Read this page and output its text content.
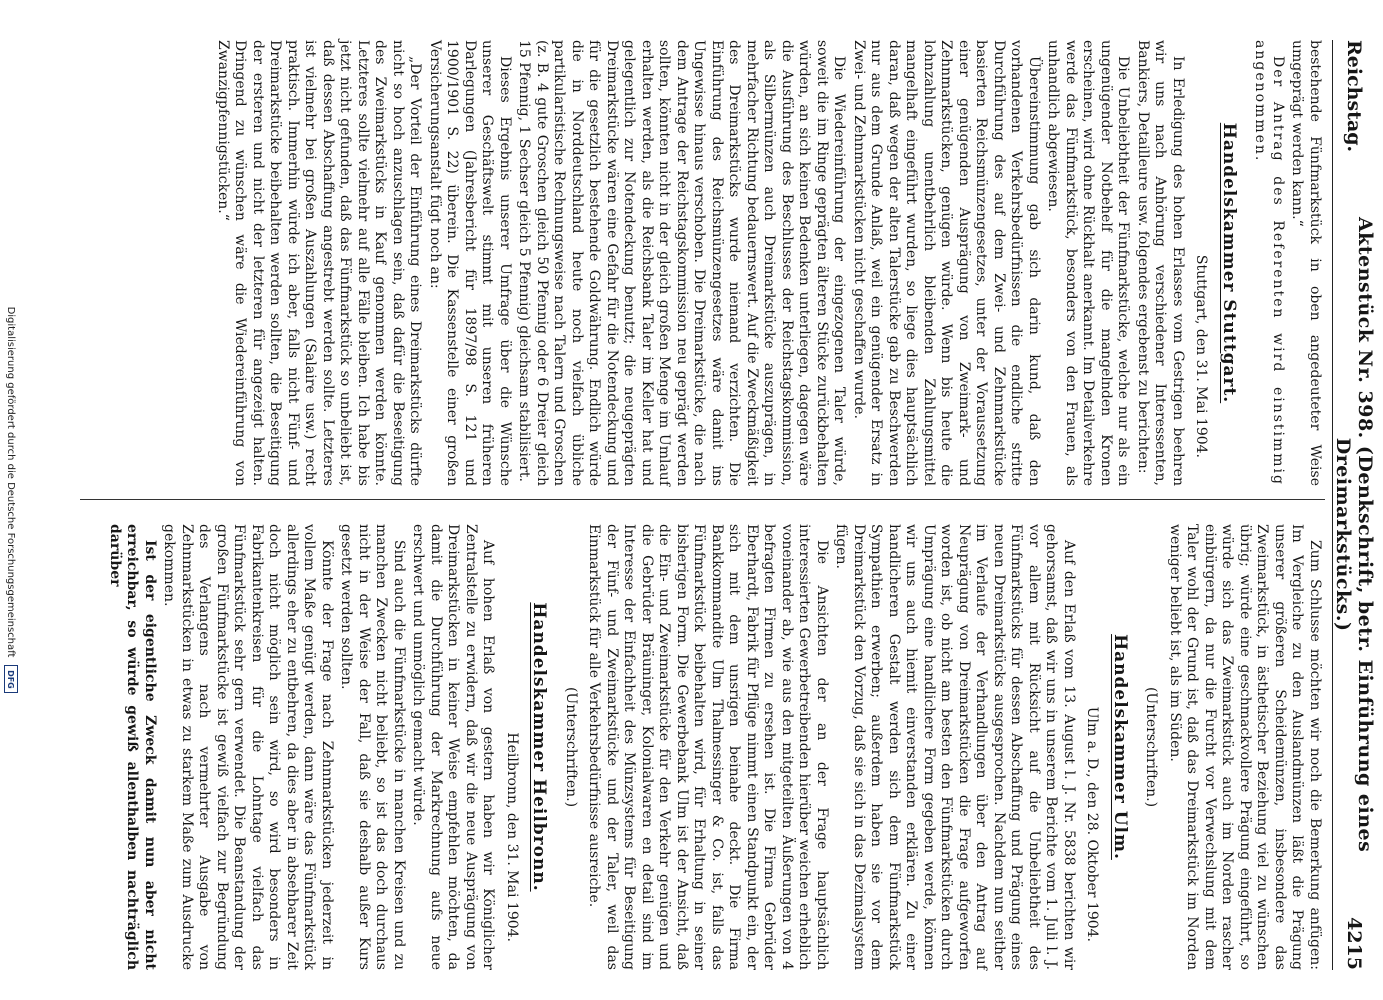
Reichstag.
Aktenstück Nr. 398. (Denkschrift, betr. Einführung eines Dreimarkstücks.)
4215

bestehende Fünfmarkstück in oben angedeuteter Weise umgeprägt werden kann.“

Der Antrag des Referenten wird einstimmig angenommen.

Handelskammer Stuttgart.
Stuttgart, den 31. Mai 1904.

In Erledigung des hohen Erlasses vom Gestrigen beehren wir uns nach Anhörung verschiedener Interessenten, Bankiers, Detailleure usw. folgendes ergebenst zu berichten:

Die Unbeliebtheit der Fünfmarkstücke, welche nur als ein ungenügender Notbehelf für die mangelnden Kronen erscheinen, wird ohne Rückhalt anerkannt. Im Detailverkehre werde das Fünfmarkstück, besonders von den Frauen, als unhandlich abgewiesen.

Übereinstimmung gab sich darin kund, daß den vorhandenen Verkehrsbedürfnissen die endliche stritte Durchführung des auf dem Zwei- und Zehnmarkstücke basierten Reichsmünzengesetzes, unter der Voraussetzung einer genügenden Ausprägung von Zweimark- und Zehnmarkstücken, genügen würde. Wenn bis heute die lohnzahlung unentbehrlich bleibenden Zahlungsmittel mangelhaft eingeführt wurden, so liege dies hauptsächlich daran, daß wegen der alten Talerstücke gab zu Beschwerden nur aus dem Grunde Anlaß, weil ein genügender Ersatz in Zwei- und Zehnmarkstücken nicht geschaffen wurde.

Die Wiedereinführung der eingezogenen Taler würde, soweit die im Ringe geprägten älteren Stücke zurückbehalten würden, an sich keinen Bedenken unterliegen, dagegen wäre die Ausführung des Beschlusses der Reichstagskommission, als Silbermünzen auch Dreimarkstücke auszuprägen, in mehrfacher Richtung bedauernswert. Auf die Zweckmäßigkeit des Dreimarkstücks wurde niemand verzichten. Die Einführung des Reichsmünzengesetzes wäre damit ins Ungewisse hinaus verschoben. Die Dreimarkstücke, die nach dem Antrage der Reichstagskommission neu geprägt werden sollten, könnten nicht in der gleich großen Menge im Umlauf erhalten werden, als die Reichsbank Taler im Keller hat und gelegentlich zur Notendeckung benutzt; die neugeprägten Dreimarkstücke wären eine Gefahr für die Notendeckung und für die gesetzlich bestehende Goldwährung. Endlich würde die in Norddeutschland heute noch vielfach übliche partikularistische Rechnungsweise nach Talern und Groschen (z. B. 4 gute Groschen gleich 50 Pfennig oder 6 Dreier gleich 15 Pfennig, 1 Sechser gleich 5 Pfennig) gleichsam stabilisiert.

Dieses Ergebnis unserer Umfrage über die Wünsche unserer Geschäftswelt stimmt mit unseren früheren Darlegungen (Jahresbericht für 1897/98 S. 121 und 1900/1901 S. 22) überein. Die Kassenstelle einer großen Versicherungsanstalt fügt noch an:

„Der Vorteil der Einführung eines Dreimarkstücks dürfte nicht so hoch anzuschlagen sein, daß dafür die Beseitigung des Zweimarkstücks in Kauf genommen werden könnte. Letzteres sollte vielmehr auf alle Fälle bleiben. Ich habe bis jetzt nicht gefunden, daß das Fünfmarkstück so unbeliebt ist, daß dessen Abschaffung angestrebt werden sollte. Letzteres ist vielmehr bei großen Auszahlungen (Salaire usw.) recht praktisch. Immerhin würde ich aber, falls nicht Fünf- und Dreimarkstücke beibehalten werden sollten, die Beseitigung der ersteren und nicht der letzteren für angezeigt halten. Dringend zu wünschen wäre die Wiedereinführung von Zwanzigpfennigstücken.“

Zum Schlusse möchten wir noch die Bemerkung anfügen: Im Vergleiche zu den Auslandmünzen läßt die Prägung unserer größeren Scheidemünzen, insbesondere das Zweimarkstück, in ästhetischer Beziehung viel zu wünschen übrig; würde eine geschmackvollere Prägung eingeführt, so würde sich das Zweimarkstück auch im Norden rascher einbürgern, da nur die Furcht vor Verwechslung mit dem Taler wohl der Grund ist, daß das Dreimarkstück im Norden weniger beliebt ist, als im Süden.

(Unterschriften.)
Handelskammer Ulm.
Ulm a. D., den 28. Oktober 1904.

Auf den Erlaß vom 13. August l. J. Nr. 5838 berichten wir gehorsamst, daß wir uns in unserem Berichte vom 1. Juli l. J. vor allem mit Rücksicht auf die Unbeliebtheit des Fünfmarkstücks für dessen Abschaffung und Prägung eines neuen Dreimarkstücks ausgesprochen. Nachdem nun seither im Verlaufe der Verhandlungen über den Antrag auf Neuprägung von Dreimarkstücken die Frage aufgeworfen worden ist, ob nicht am besten den Fünfmarkstücken durch Umprägung eine handlichere Form gegeben werde, können wir uns auch hiemit einverstanden erklären. Zu einer handlicheren Gestalt werden sich dem Fünfmarkstück Sympathien erwerben; außerdem haben sie vor dem Dreimarkstück den Vorzug, daß sie sich in das Dezimalsystem fügen.

Die Ansichten der an der Frage hauptsächlich interessierten Gewerbetreibenden hierüber weichen erheblich voneinander ab, wie aus den mitgeteilten Äußerungen von 4 befragten Firmen zu ersehen ist. Die Firma Gebrüder Eberhardt, Fabrik für Pflüge nimmt einen Standpunkt ein, der sich mit dem unsrigen beinahe deckt. Die Firma Bankkommandite Ulm Thalmessinger & Co. ist, falls das Fünfmarkstück beibehalten wird, für Erhaltung in seiner bisherigen Form. Die Gewerbebank Ulm ist der Ansicht, daß die Ein- und Zweimarkstücke für den Verkehr genügen und die Gebrüder Bräuninger, Kolonialwaren en detail sind im Interesse der Einfachheit des Münzsystems für Beseitigung der Fünf- und Zweimarkstücke und der Taler, weil das Einmarkstück für alle Verkehrsbedürfnisse ausreiche.

(Unterschriften.)
Handelskammer Heilbronn.
Heilbronn, den 31. Mai 1904.

Auf hohen Erlaß von gestern haben wir Königlicher Zentralstelle zu erwidern, daß wir die neue Ausprägung von Dreimarkstücken in keiner Weise empfehlen möchten, da damit die Durchführung der Markrechnung aufs neue erschwert und unmöglich gemacht würde.

Sind auch die Fünfmarkstücke in manchen Kreisen und zu manchen Zwecken nicht beliebt, so ist das doch durchaus nicht in der Weise der Fall, daß sie deshalb außer Kurs gesetzt werden sollten.

Könnte der Frage nach Zehnmarkstücken jederzeit in vollem Maße genügt werden, dann wäre das Fünfmarkstück allerdings eher zu entbehren, da dies aber in absehbarer Zeit doch nicht möglich sein wird, so wird besonders in Fabrikantenkreisen für die Lohntage vielfach das Fünfmarkstück sehr gern verwendet. Die Beanstandung der großen Fünfmarkstücke ist gewiß vielfach zur Begründung des Verlangens nach vermehrter Ausgabe von Zehnmarkstücken in etwas zu starkem Maße zum Ausdrucke gekommen.

Ist der eigentliche Zweck damit nun aber nicht erreichbar, so würde gewiß allenthalben nachträglich darüber

Digitalisierung gefördert durch die Deutsche Forschungsgemeinschaft
DFG
